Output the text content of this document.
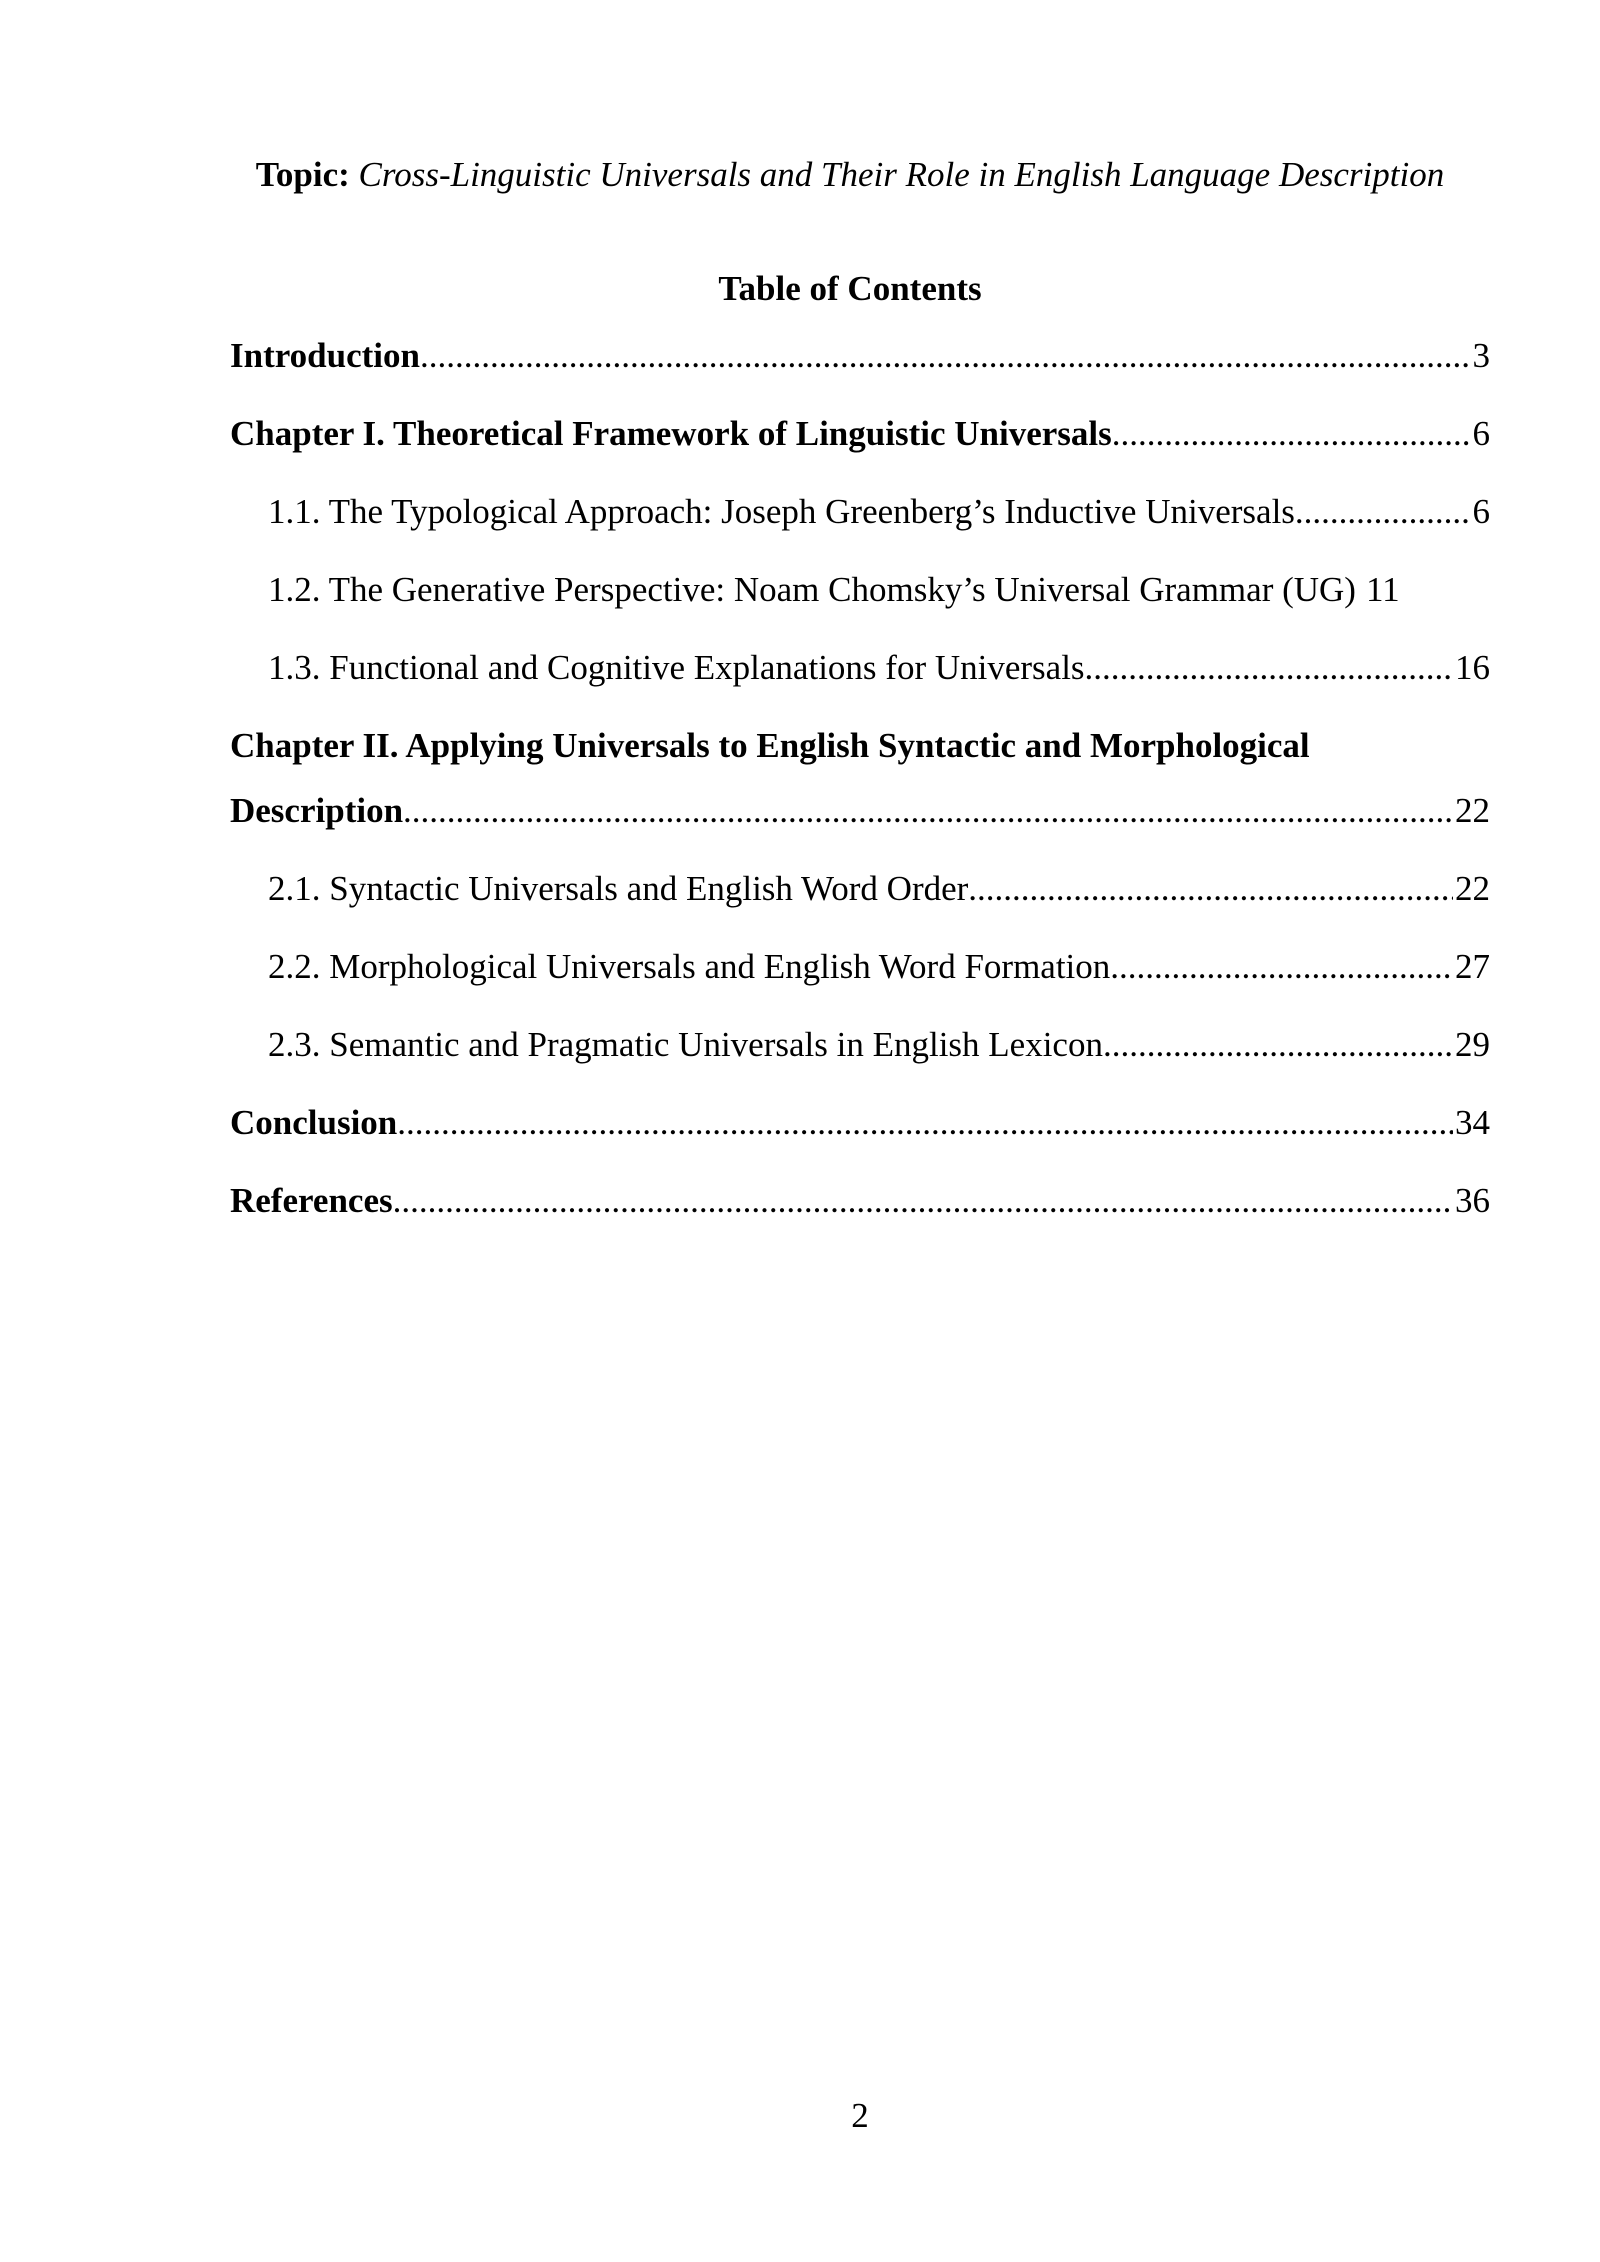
Topic: Cross-Linguistic Universals and Their Role in English Language Description
Table of Contents
Introduction .....	3
Chapter I. Theoretical Framework of Linguistic Universals .....	6
1.1. The Typological Approach: Joseph Greenberg’s Inductive Universals .....	6
1.2. The Generative Perspective: Noam Chomsky’s Universal Grammar (UG) 11
1.3. Functional and Cognitive Explanations for Universals .....	16
Chapter II. Applying Universals to English Syntactic and Morphological
Description .....	22
2.1. Syntactic Universals and English Word Order .....	22
2.2. Morphological Universals and English Word Formation .....	27
2.3. Semantic and Pragmatic Universals in English Lexicon .....	29
Conclusion .....	34
References .....	36
2
